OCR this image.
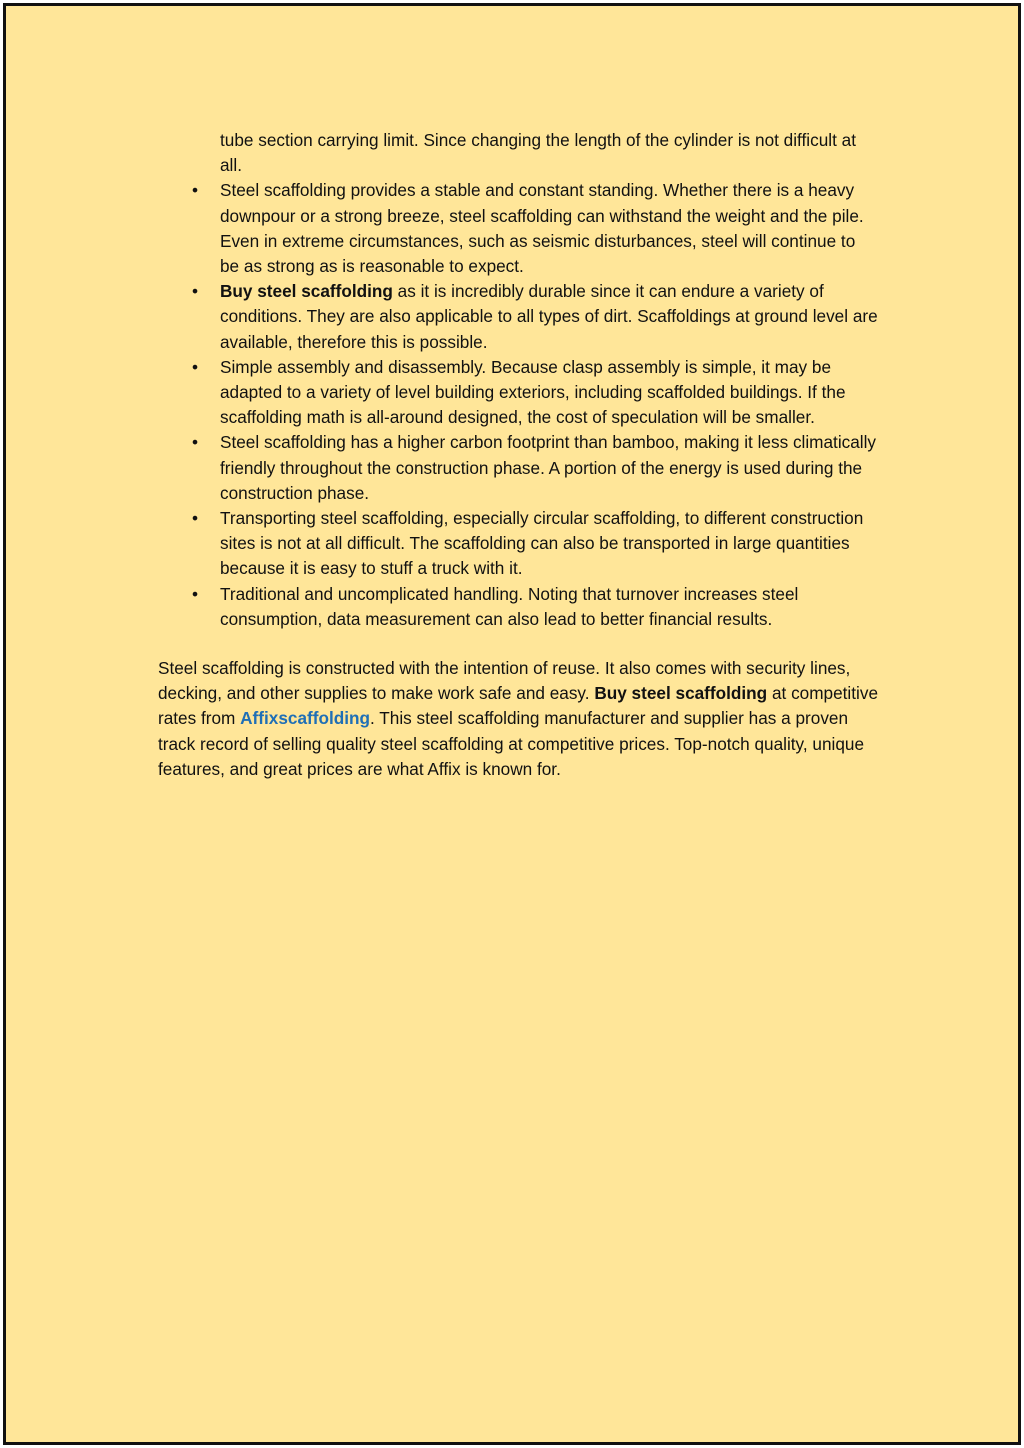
tube section carrying limit. Since changing the length of the cylinder is not difficult at all.

• Steel scaffolding provides a stable and constant standing. Whether there is a heavy downpour or a strong breeze, steel scaffolding can withstand the weight and the pile. Even in extreme circumstances, such as seismic disturbances, steel will continue to be as strong as is reasonable to expect.
• Buy steel scaffolding as it is incredibly durable since it can endure a variety of conditions. They are also applicable to all types of dirt. Scaffoldings at ground level are available, therefore this is possible.
• Simple assembly and disassembly. Because clasp assembly is simple, it may be adapted to a variety of level building exteriors, including scaffolded buildings. If the scaffolding math is all-around designed, the cost of speculation will be smaller.
• Steel scaffolding has a higher carbon footprint than bamboo, making it less climatically friendly throughout the construction phase. A portion of the energy is used during the construction phase.
• Transporting steel scaffolding, especially circular scaffolding, to different construction sites is not at all difficult. The scaffolding can also be transported in large quantities because it is easy to stuff a truck with it.
• Traditional and uncomplicated handling. Noting that turnover increases steel consumption, data measurement can also lead to better financial results.

Steel scaffolding is constructed with the intention of reuse. It also comes with security lines, decking, and other supplies to make work safe and easy. Buy steel scaffolding at competitive rates from Affixscaffolding. This steel scaffolding manufacturer and supplier has a proven track record of selling quality steel scaffolding at competitive prices. Top-notch quality, unique features, and great prices are what Affix is known for.
